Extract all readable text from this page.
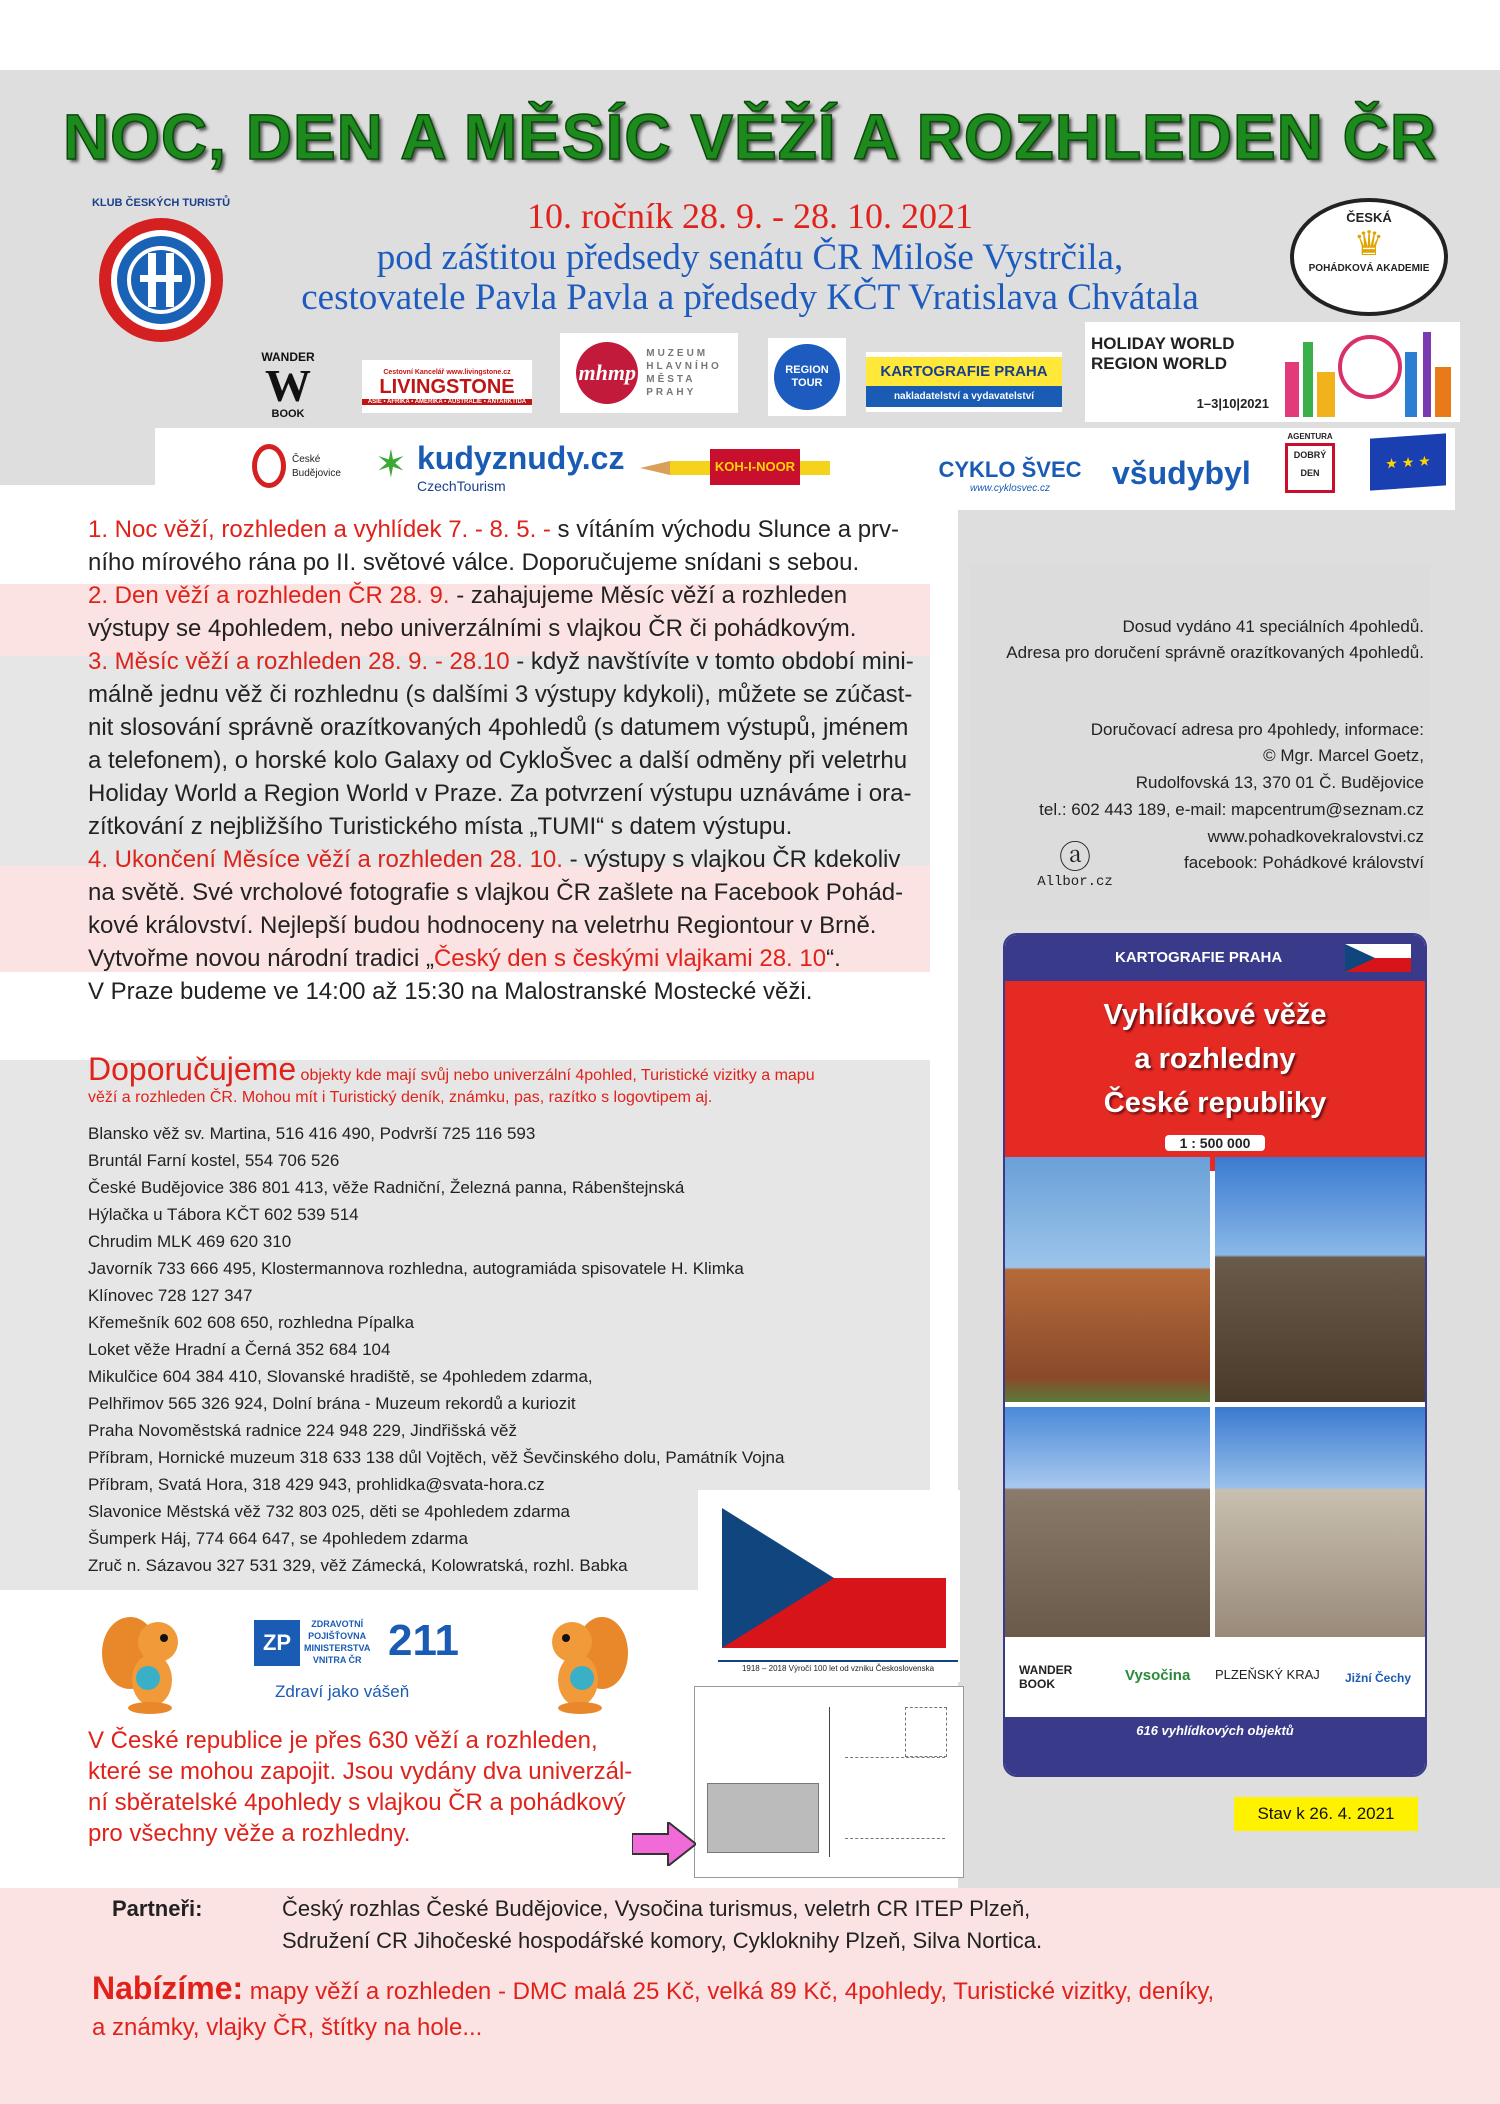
NOC, DEN A MĚSÍC VĚŽÍ A ROZHLEDEN ČR
10. ročník 28. 9. - 28. 10. 2021
pod záštitou předsedy senátu ČR Miloše Vystrčila,
cestovatele Pavla Pavla a předsedy KČT Vratislava Chvátala
KLUB ČESKÝCH TURISTŮ
ČESKÁ
♛
POHÁDKOVÁ AKADEMIE
WANDER
W
BOOK
Cestovní Kancelář www.livingstone.cz
LIVINGSTONE
ASIE • AFRIKA • AMERIKA • AUSTRÁLIE • ANTARKTIDA
mhmp
MUZEUM
HLAVNÍHO
MĚSTA
PRAHY
REGION
TOUR
KARTOGRAFIE PRAHA
nakladatelství a vydavatelství
HOLIDAY WORLD
REGION WORLD
1–3|10|2021
České
Budějovice ✶ kudyznudy.cz
CzechTourism
KOH-I-NOOR	CYKLO ŠVEC
www.cyklosvec.cz	všudybyl
AGENTURA
DOBRÝ
DEN
★ ★ ★
1. Noc věží, rozhleden a vyhlídek 7. - 8. 5. - s vítáním východu Slunce a prv-
ního mírového rána po II. světové válce. Doporučujeme snídani s sebou.
2. Den věží a rozhleden ČR 28. 9. - zahajujeme Měsíc věží a rozhleden
výstupy se 4pohledem, nebo univerzálními s vlajkou ČR či pohádkovým.
3. Měsíc věží a rozhleden 28. 9. - 28.10 - když navštívíte v tomto období mini-
málně jednu věž či rozhlednu (s dalšími 3 výstupy kdykoli), můžete se zúčast-
nit slosování správně orazítkovaných 4pohledů (s datumem výstupů, jménem
a telefonem), o horské kolo Galaxy od CykloŠvec a další odměny při veletrhu
Holiday World a Region World v Praze. Za potvrzení výstupu uznáváme i ora-
zítkování z nejbližšího Turistického místa „TUMI“ s datem výstupu.
4. Ukončení Měsíce věží a rozhleden 28. 10. - výstupy s vlajkou ČR kdekoliv
na světě. Své vrcholové fotografie s vlajkou ČR zašlete na Facebook Pohád-
kové království. Nejlepší budou hodnoceny na veletrhu Regiontour v Brně.
Vytvořme novou národní tradici „Český den s českými vlajkami 28. 10“.
V Praze budeme ve 14:00 až 15:30 na Malostranské Mostecké věži.
Doporučujeme objekty kde mají svůj nebo univerzální 4pohled, Turistické vizitky a mapu
věží a rozhleden ČR. Mohou mít i Turistický deník, známku, pas, razítko s logovtipem aj.
Blansko věž sv. Martina, 516 416 490, Podvrší 725 116 593
Bruntál Farní kostel, 554 706 526
České Budějovice 386 801 413, věže Radniční, Železná panna, Rábenštejnská
Hýlačka u Tábora KČT 602 539 514
Chrudim MLK 469 620 310
Javorník 733 666 495, Klostermannova rozhledna, autogramiáda spisovatele H. Klimka
Klínovec 728 127 347
Křemešník 602 608 650, rozhledna Pípalka
Loket věže Hradní a Černá 352 684 104
Mikulčice 604 384 410, Slovanské hradiště, se 4pohledem zdarma,
Pelhřimov 565 326 924, Dolní brána - Muzeum rekordů a kuriozit
Praha Novoměstská radnice 224 948 229, Jindřišská věž
Příbram, Hornické muzeum 318 633 138 důl Vojtěch, věž Ševčinského dolu, Památník Vojna
Příbram, Svatá Hora, 318 429 943, prohlidka@svata-hora.cz
Slavonice Městská věž 732 803 025, děti se 4pohledem zdarma
Šumperk Háj, 774 664 647, se 4pohledem zdarma
Zruč n. Sázavou 327 531 329, věž Zámecká, Kolowratská, rozhl. Babka
Dosud vydáno 41 speciálních 4pohledů.
Adresa pro doručení správně orazítkovaných 4pohledů.
Doručovací adresa pro 4pohledy, informace:
© Mgr. Marcel Goetz,
Rudolfovská 13, 370 01 Č. Budějovice
tel.: 602 443 189, e-mail: mapcentrum@seznam.cz
www.pohadkovekralovstvi.cz
facebook: Pohádkové království
ⓐ
Allbor.cz
KARTOGRAFIE PRAHA
Vyhlídkové věže
a rozhledny
České republiky
1 : 500 000
WANDER BOOK	Vysočina PLZEŇSKÝ KRAJ Jižní Čechy
616 vyhlídkových objektů
Stav k 26. 4. 2021
1918 – 2018 Výročí 100 let od vzniku Československa
ZP
ZDRAVOTNÍ
POJIŠŤOVNA
MINISTERSTVA
VNITRA ČR 211
Zdraví jako vášeň
V České republice je přes 630 věží a rozhleden,
které se mohou zapojit. Jsou vydány dva univerzál-
ní sběratelské 4pohledy s vlajkou ČR a pohádkový
pro všechny věže a rozhledny.
Partneři:	Český rozhlas České Budějovice, Vysočina turismus, veletrh CR ITEP Plzeň,
Sdružení CR Jihočeské hospodářské komory, Cykloknihy Plzeň, Silva Nortica.
Nabízíme: mapy věží a rozhleden - DMC malá 25 Kč, velká 89 Kč, 4pohledy, Turistické vizitky, deníky,
a známky, vlajky ČR, štítky na hole...
